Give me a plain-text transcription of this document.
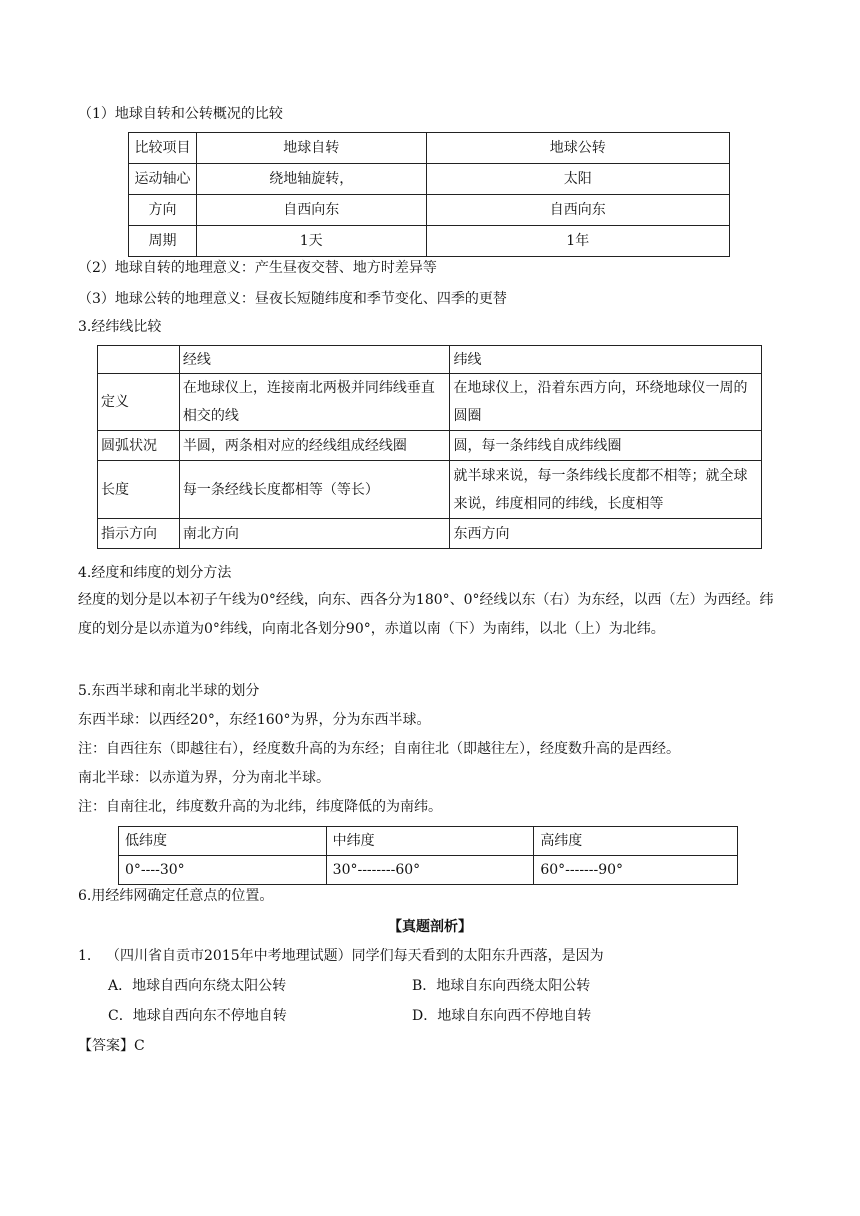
（1）地球自转和公转概况的比较
比较项目	地球自转	地球公转
运动轴心	绕地轴旋转，	太阳
方向	自西向东	自西向东
周期	1天	1年
（2）地球自转的地理意义：产生昼夜交替、地方时差异等
（3）地球公转的地理意义：昼夜长短随纬度和季节变化、四季的更替
3.经纬线比较
	经线	纬线
定义	在地球仪上，连接南北两极并同纬线垂直相交的线	在地球仪上，沿着东西方向，环绕地球仪一周的圆圈
圆弧状况	半圆，两条相对应的经线组成经线圈	圆，每一条纬线自成纬线圈
长度	每一条经线长度都相等（等长）	就半球来说，每一条纬线长度都不相等；就全球来说，纬度相同的纬线，长度相等
指示方向	南北方向	东西方向
4.经度和纬度的划分方法
经度的划分是以本初子午线为0°经线，向东、西各分为180°、0°经线以东（右）为东经，以西（左）为西经。纬度的划分是以赤道为0°纬线，向南北各划分90°，赤道以南（下）为南纬，以北（上）为北纬。
5.东西半球和南北半球的划分
东西半球：以西经20°，东经160°为界，分为东西半球。
注：自西往东（即越往右），经度数升高的为东经；自南往北（即越往左），经度数升高的是西经。
南北半球：以赤道为界，分为南北半球。
注：自南往北，纬度数升高的为北纬，纬度降低的为南纬。
低纬度	中纬度	高纬度
0°----30°	30°--------60°	60°-------90°
6.用经纬网确定任意点的位置。
【真题剖析】
1. （四川省自贡市2015年中考地理试题）同学们每天看到的太阳东升西落，是因为
A．地球自西向东绕太阳公转	B．地球自东向西绕太阳公转
C．地球自西向东不停地自转	D．地球自东向西不停地自转
【答案】C
